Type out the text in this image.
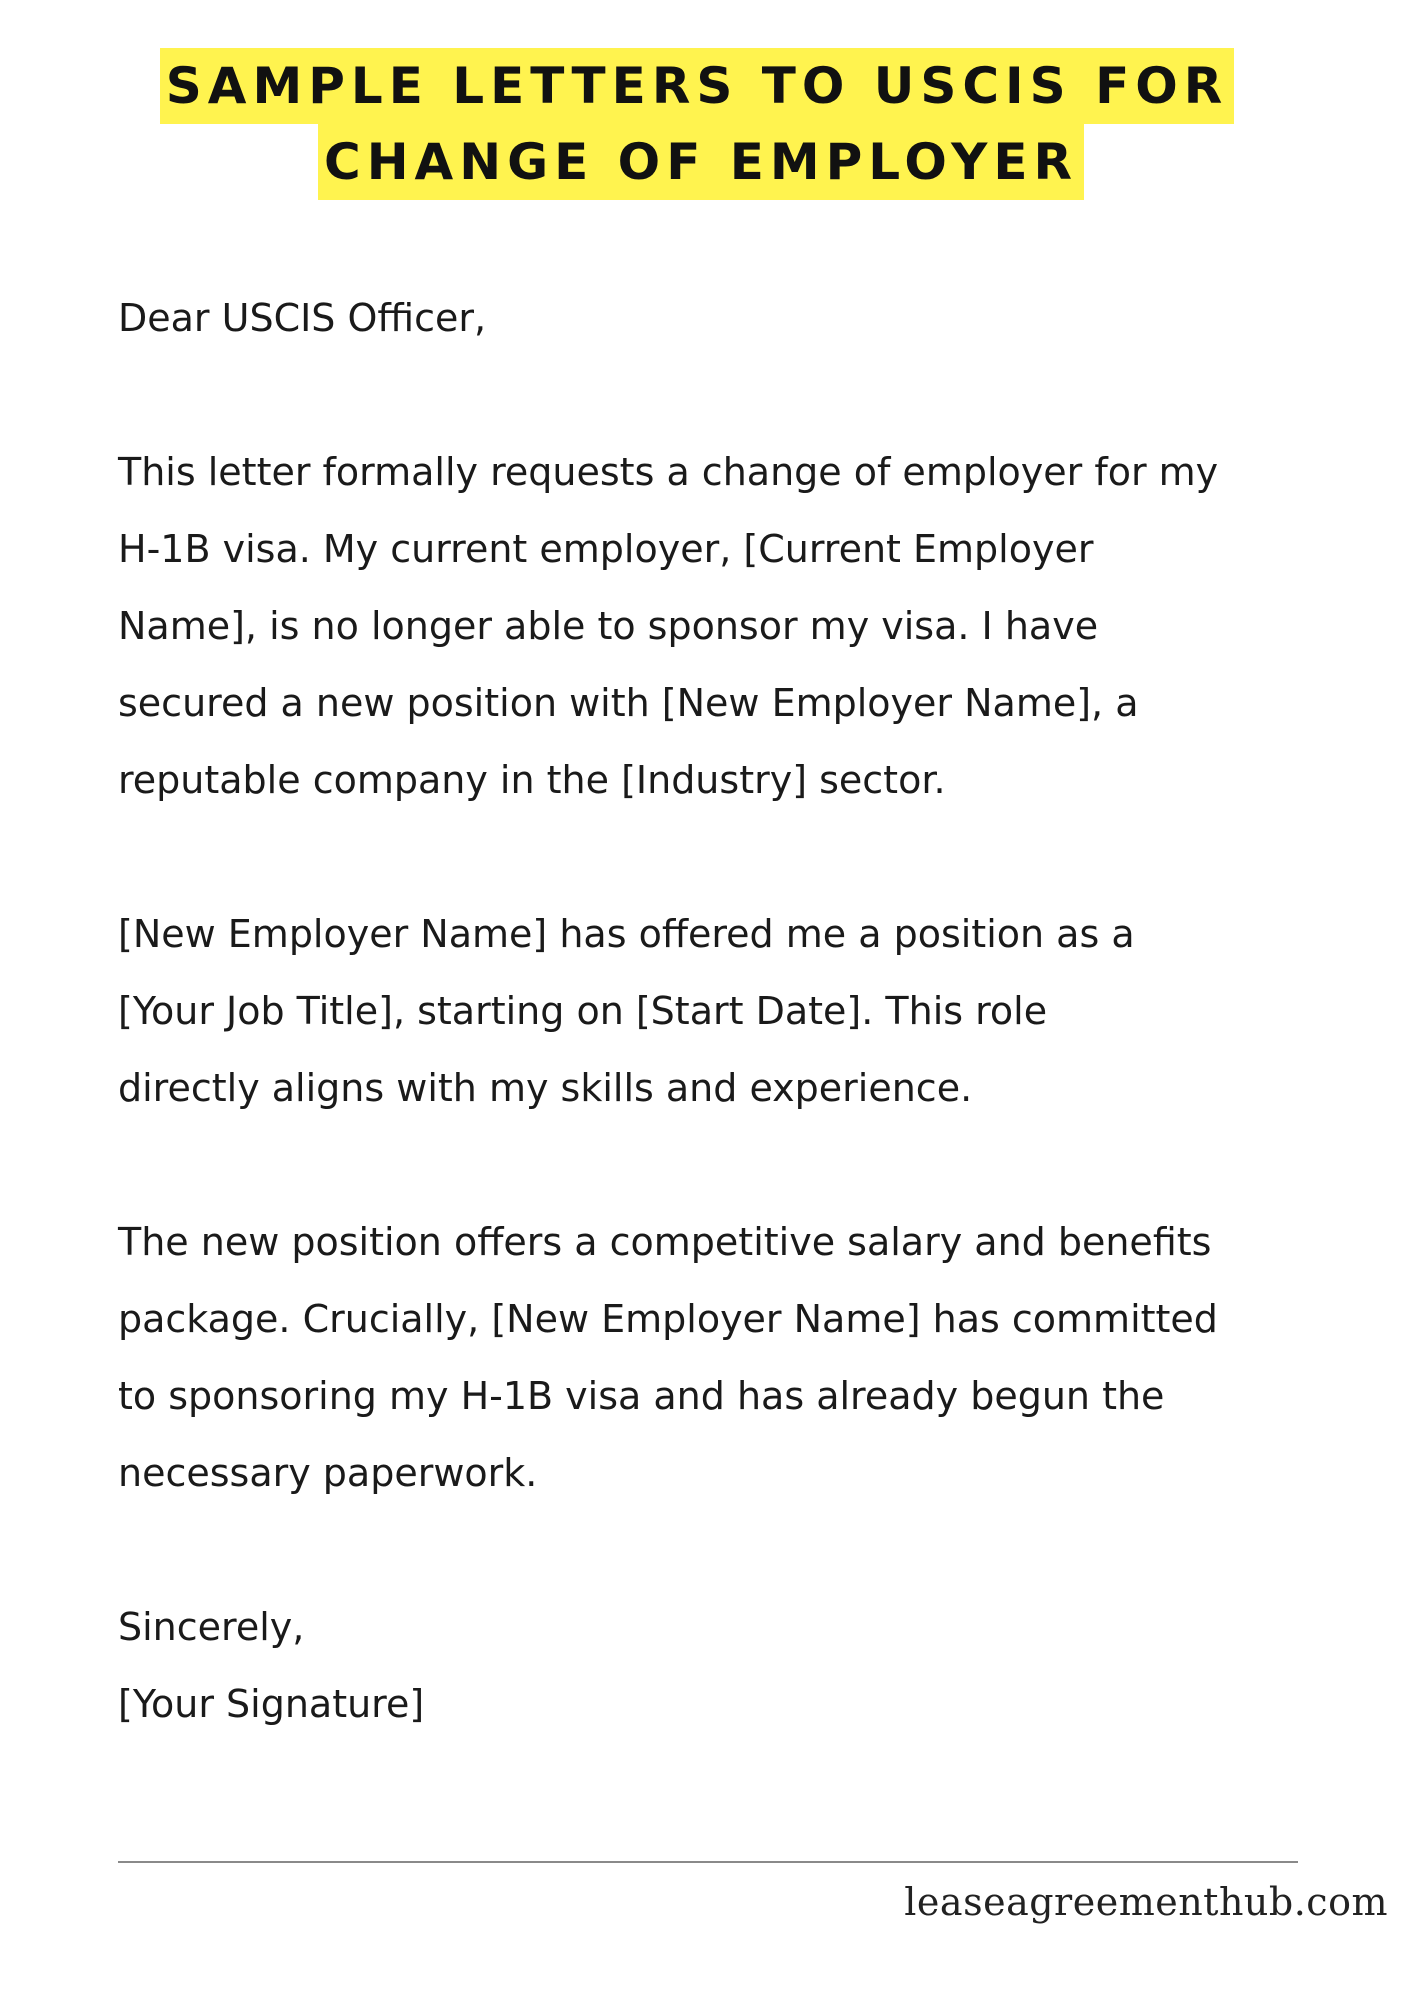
SAMPLE LETTERS TO USCIS FOR
CHANGE OF EMPLOYER

Dear USCIS Officer,

This letter formally requests a change of employer for my

H-1B visa. My current employer, [Current Employer

Name], is no longer able to sponsor my visa. I have

secured a new position with [New Employer Name], a

reputable company in the [Industry] sector.

[New Employer Name] has offered me a position as a

[Your Job Title], starting on [Start Date]. This role

directly aligns with my skills and experience.

The new position offers a competitive salary and benefits

package. Crucially, [New Employer Name] has committed

to sponsoring my H-1B visa and has already begun the

necessary paperwork.

Sincerely,

[Your Signature]

leaseagreementhub.com
